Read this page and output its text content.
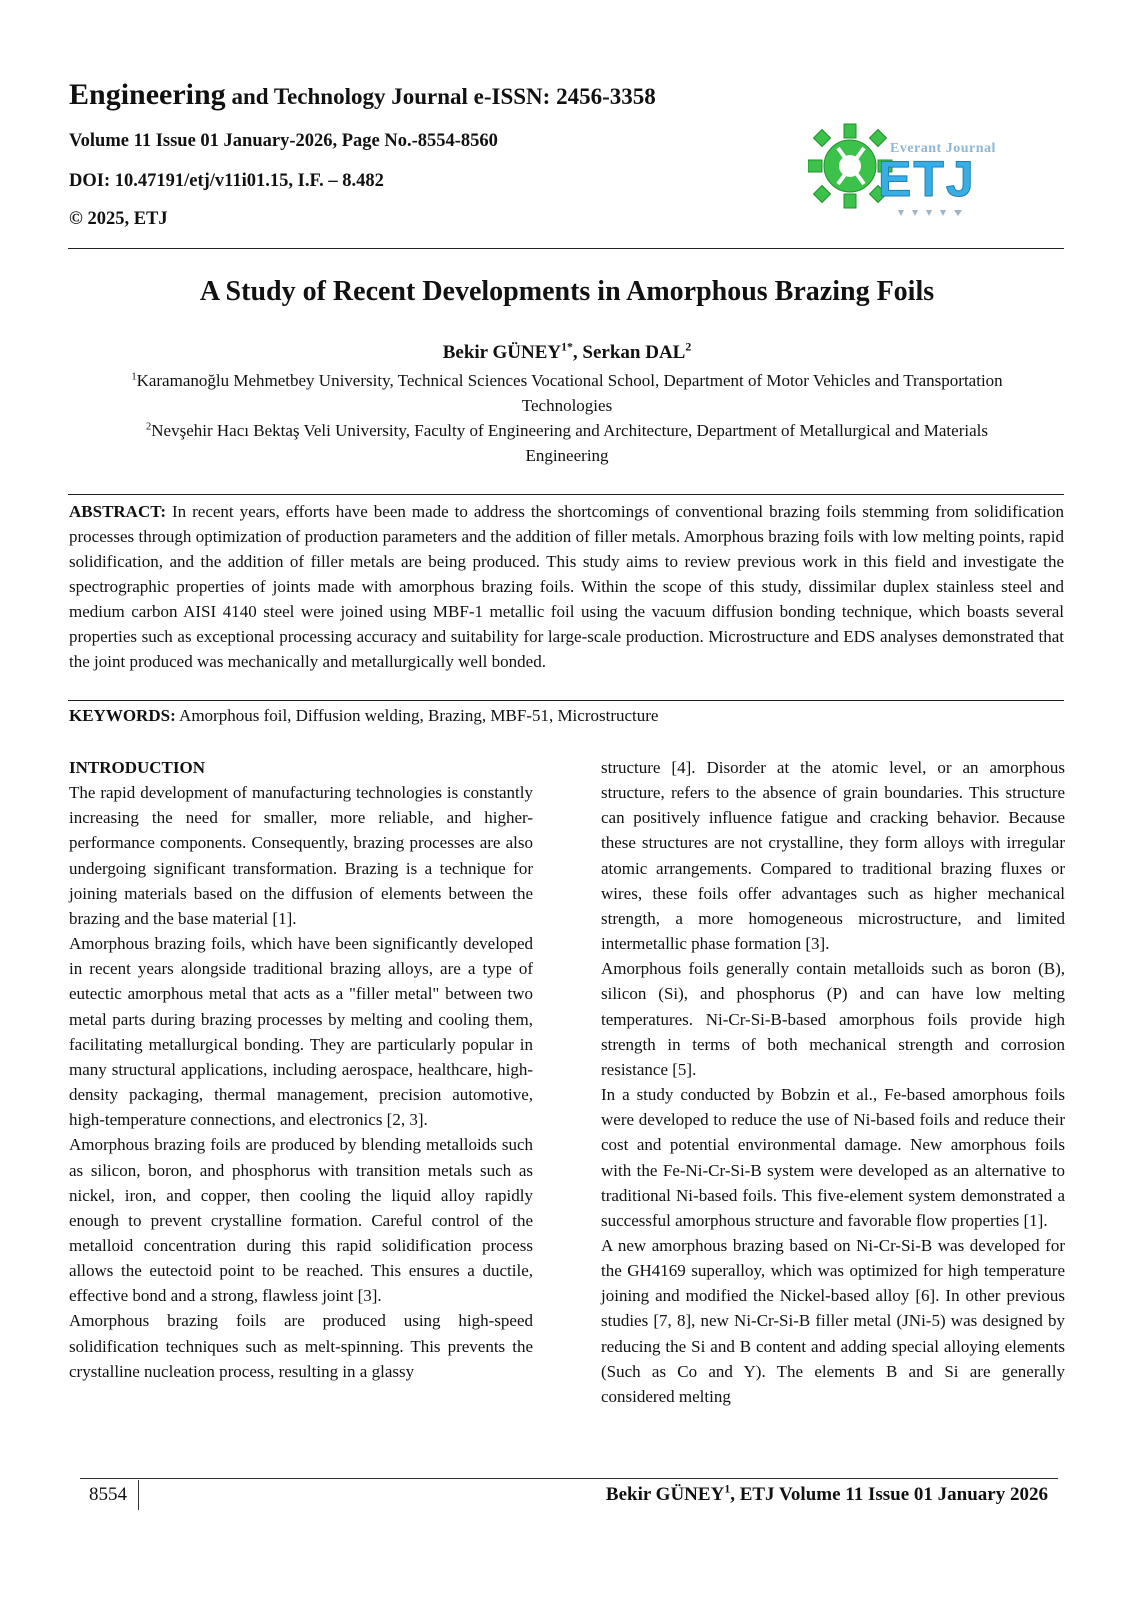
Engineering and Technology Journal e-ISSN: 2456-3358
Volume 11 Issue 01 January-2026, Page No.-8554-8560
DOI: 10.47191/etj/v11i01.15, I.F. – 8.482
© 2025, ETJ
Everant Journal
ETJ
A Study of Recent Developments in Amorphous Brazing Foils
Bekir $GÜNEY^{1*}$, Serkan DAL$^2$
$^1$Karamanoğlu Mehmetbey University, Technical Sciences Vocational School, Department of Motor Vehicles and Transportation
Technologies
$^2$Nevşehir Hacı Bektaş Veli University, Faculty of Engineering and Architecture, Department of Metallurgical and Materials
Engineering
ABSTRACT: In recent years, efforts have been made to address the shortcomings of conventional brazing foils stemming from solidification processes through optimization of production parameters and the addition of filler metals. Amorphous brazing foils with low melting points, rapid solidification, and the addition of filler metals are being produced. This study aims to review previous work in this field and investigate the spectrographic properties of joints made with amorphous brazing foils. Within the scope of this study, dissimilar duplex stainless steel and medium carbon AISI 4140 steel were joined using MBF-1 metallic foil using the vacuum diffusion bonding technique, which boasts several properties such as exceptional processing accuracy and suitability for large-scale production. Microstructure and EDS analyses demonstrated that the joint produced was mechanically and metallurgically well bonded.
KEYWORDS: Amorphous foil, Diffusion welding, Brazing, MBF-51, Microstructure

INTRODUCTION

The rapid development of manufacturing technologies is constantly increasing the need for smaller, more reliable, and higher-performance components. Consequently, brazing processes are also undergoing significant transformation. Brazing is a technique for joining materials based on the diffusion of elements between the brazing and the base material [1].

Amorphous brazing foils, which have been significantly developed in recent years alongside traditional brazing alloys, are a type of eutectic amorphous metal that acts as a "filler metal" between two metal parts during brazing processes by melting and cooling them, facilitating metallurgical bonding. They are particularly popular in many structural applications, including aerospace, healthcare, high-density packaging, thermal management, precision automotive, high-temperature connections, and electronics [2, 3].

Amorphous brazing foils are produced by blending metalloids such as silicon, boron, and phosphorus with transition metals such as nickel, iron, and copper, then cooling the liquid alloy rapidly enough to prevent crystalline formation. Careful control of the metalloid concentration during this rapid solidification process allows the eutectoid point to be reached. This ensures a ductile, effective bond and a strong, flawless joint [3].

Amorphous brazing foils are produced using high-speed solidification techniques such as melt-spinning. This prevents the crystalline nucleation process, resulting in a glassy

structure [4]. Disorder at the atomic level, or an amorphous structure, refers to the absence of grain boundaries. This structure can positively influence fatigue and cracking behavior. Because these structures are not crystalline, they form alloys with irregular atomic arrangements. Compared to traditional brazing fluxes or wires, these foils offer advantages such as higher mechanical strength, a more homogeneous microstructure, and limited intermetallic phase formation [3].

Amorphous foils generally contain metalloids such as boron (B), silicon (Si), and phosphorus (P) and can have low melting temperatures. Ni-Cr-Si-B-based amorphous foils provide high strength in terms of both mechanical strength and corrosion resistance [5].

In a study conducted by Bobzin et al., Fe-based amorphous foils were developed to reduce the use of Ni-based foils and reduce their cost and potential environmental damage. New amorphous foils with the Fe-Ni-Cr-Si-B system were developed as an alternative to traditional Ni-based foils. This five-element system demonstrated a successful amorphous structure and favorable flow properties [1].

A new amorphous brazing based on Ni-Cr-Si-B was developed for the GH4169 superalloy, which was optimized for high temperature joining and modified the Nickel-based alloy [6]. In other previous studies [7, 8], new Ni-Cr-Si-B filler metal (JNi-5) was designed by reducing the Si and B content and adding special alloying elements (Such as Co and Y). The elements B and Si are generally considered melting

8554	Bekir GÜNEY$^1$, ETJ Volume 11 Issue 01 January 2026
